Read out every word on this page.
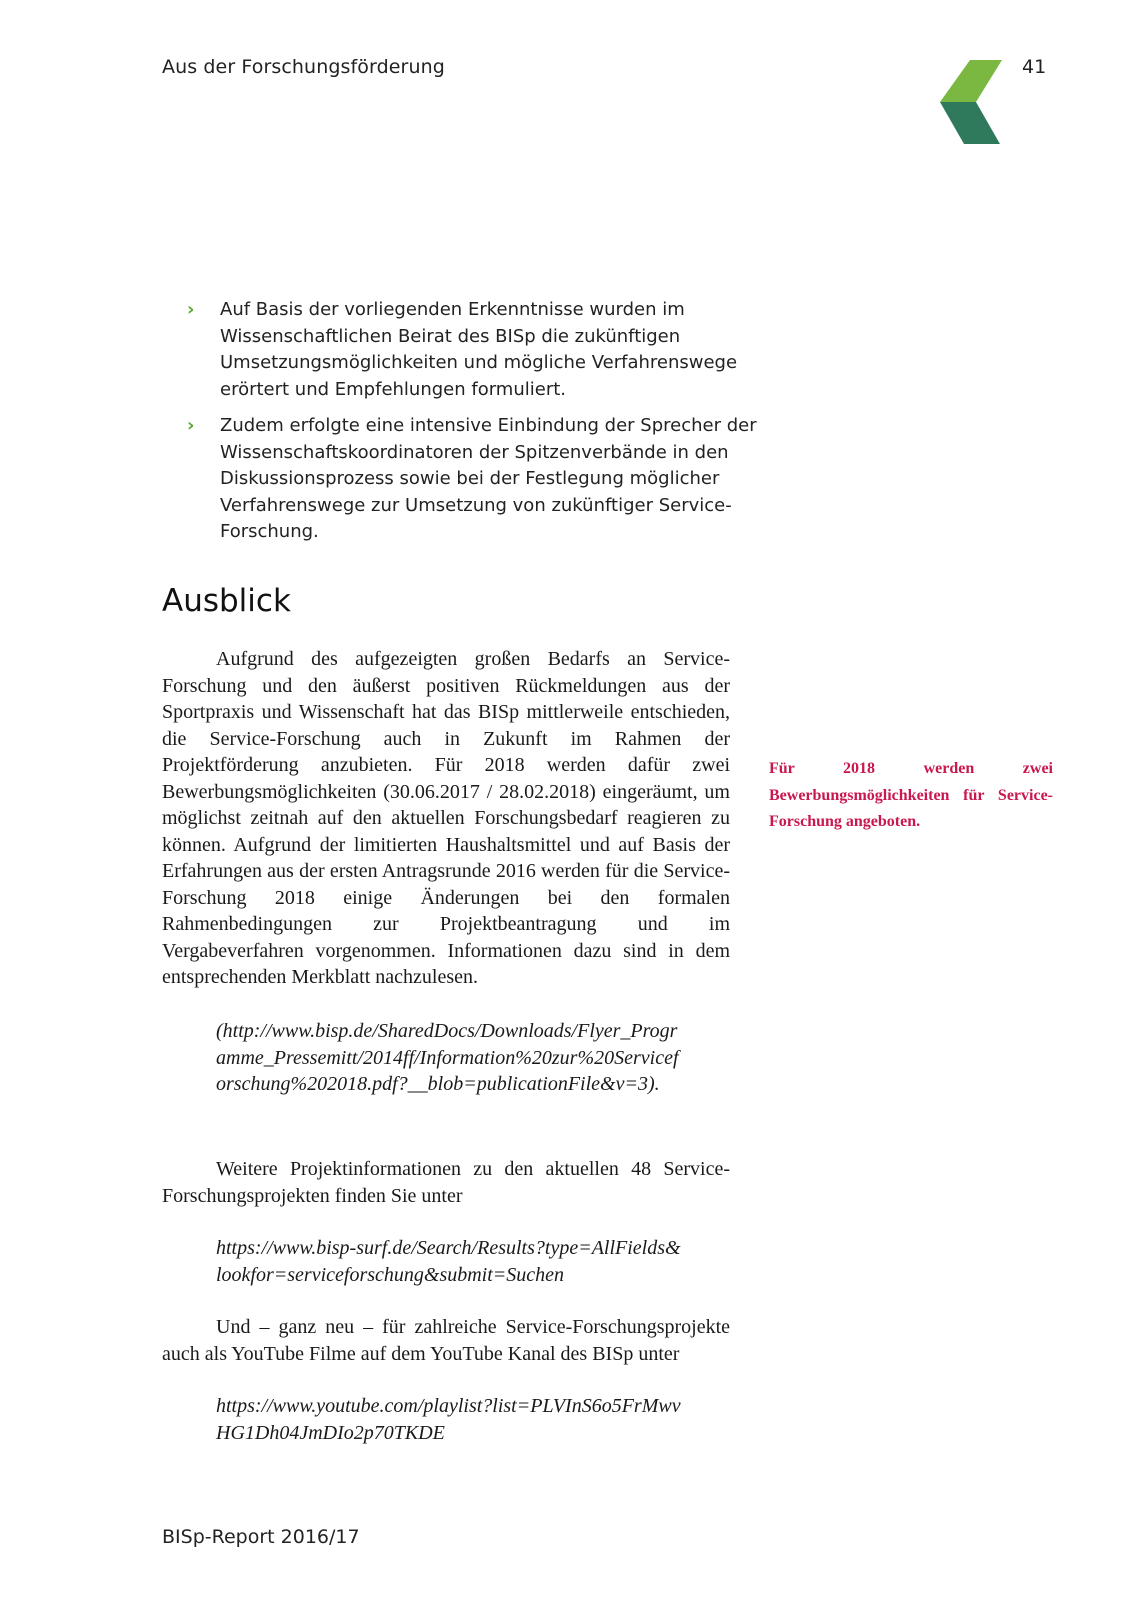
Aus der Forschungsförderung	41
› Auf Basis der vorliegenden Erkenntnisse wurden im Wissenschaftlichen Beirat des BISp die zukünftigen Umsetzungsmöglichkeiten und mögliche Verfahrenswege erörtert und Empfehlungen formuliert.
› Zudem erfolgte eine intensive Einbindung der Sprecher der Wissenschaftskoordinatoren der Spitzenverbände in den Diskussionsprozess sowie bei der Festlegung möglicher Verfahrenswege zur Umsetzung von zukünftiger Service-Forschung.
Ausblick

Aufgrund des aufgezeigten großen Bedarfs an Service-Forschung und den äußerst positiven Rückmeldungen aus der Sportpraxis und Wissenschaft hat das BISp mittlerweile entschieden, die Service-Forschung auch in Zukunft im Rahmen der Projektförderung anzubieten. Für 2018 werden dafür zwei Bewerbungsmöglichkeiten (30.06.2017 / 28.02.2018) eingeräumt, um möglichst zeitnah auf den aktuellen Forschungsbedarf reagieren zu können. Aufgrund der limitierten Haushaltsmittel und auf Basis der Erfahrungen aus der ersten Antragsrunde 2016 werden für die Service-Forschung 2018 einige Änderungen bei den formalen Rahmenbedingungen zur Projektbeantragung und im Vergabeverfahren vorgenommen. Informationen dazu sind in dem entsprechenden Merkblatt nachzulesen.

(http://www.bisp.de/SharedDocs/Downloads/Flyer_Programme_Pressemitt/2014ff/Information%20zur%20Serviceforschung%202018.pdf?__blob=publicationFile&v=3).

Weitere Projektinformationen zu den aktuellen 48 Service-Forschungsprojekten finden Sie unter

https://www.bisp-surf.de/Search/Results?type=AllFields&lookfor=serviceforschung&submit=Suchen

Und – ganz neu – für zahlreiche Service-Forschungsprojekte auch als YouTube Filme auf dem YouTube Kanal des BISp unter

https://www.youtube.com/playlist?list=PLVInS6o5FrMwvHG1Dh04JmDIo2p70TKDE

Für 2018 werden zwei Bewerbungsmöglichkeiten für Service-Forschung angeboten.

BISp-Report 2016/17
